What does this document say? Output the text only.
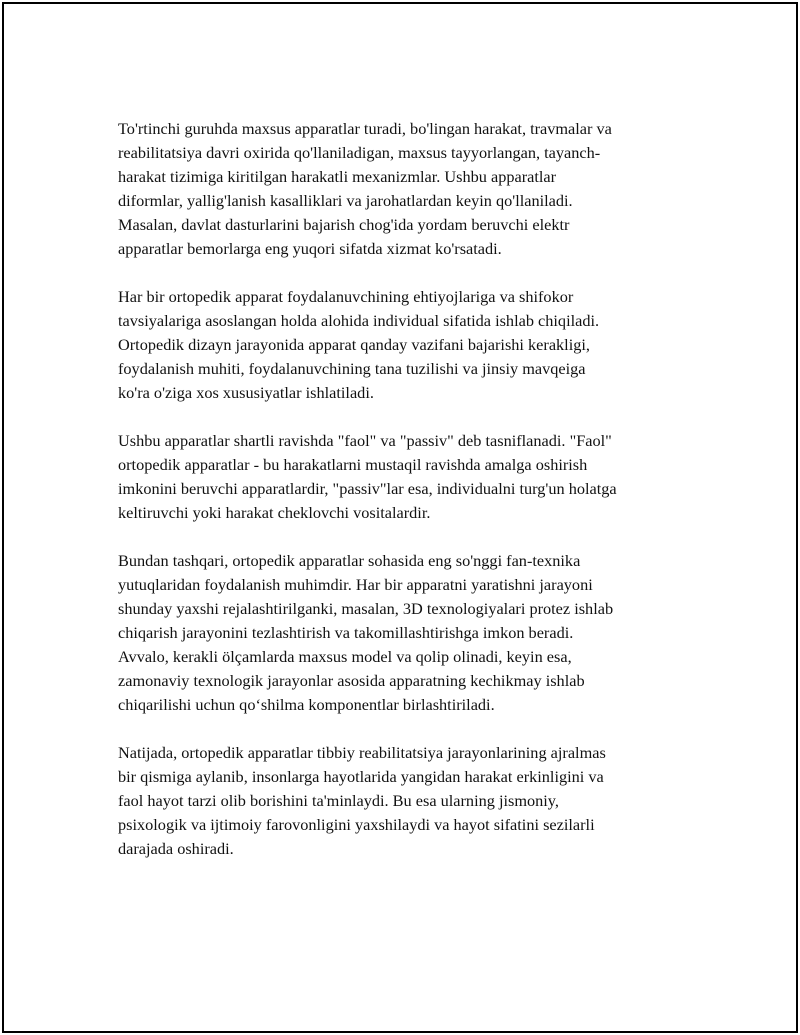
To'rtinchi guruhda maxsus apparatlar turadi, bo'lingan harakat, travmalar va
reabilitatsiya davri oxirida qo'llaniladigan, maxsus tayyorlangan, tayanch-
harakat tizimiga kiritilgan harakatli mexanizmlar. Ushbu apparatlar
diformlar, yallig'lanish kasalliklari va jarohatlardan keyin qo'llaniladi.
Masalan, davlat dasturlarini bajarish chog'ida yordam beruvchi elektr
apparatlar bemorlarga eng yuqori sifatda xizmat ko'rsatadi.

Har bir ortopedik apparat foydalanuvchining ehtiyojlariga va shifokor
tavsiyalariga asoslangan holda alohida individual sifatida ishlab chiqiladi.
Ortopedik dizayn jarayonida apparat qanday vazifani bajarishi kerakligi,
foydalanish muhiti, foydalanuvchining tana tuzilishi va jinsiy mavqeiga
ko'ra o'ziga xos xususiyatlar ishlatiladi.

Ushbu apparatlar shartli ravishda "faol" va "passiv" deb tasniflanadi. "Faol"
ortopedik apparatlar - bu harakatlarni mustaqil ravishda amalga oshirish
imkonini beruvchi apparatlardir, "passiv"lar esa, individualni turg'un holatga
keltiruvchi yoki harakat cheklovchi vositalardir.

Bundan tashqari, ortopedik apparatlar sohasida eng so'nggi fan-texnika
yutuqlaridan foydalanish muhimdir. Har bir apparatni yaratishni jarayoni
shunday yaxshi rejalashtirilganki, masalan, 3D texnologiyalari protez ishlab
chiqarish jarayonini tezlashtirish va takomillashtirishga imkon beradi.
Avvalo, kerakli ölçamlarda maxsus model va qolip olinadi, keyin esa,
zamonaviy texnologik jarayonlar asosida apparatning kechikmay ishlab
chiqarilishi uchun qo‘shilma komponentlar birlashtiriladi.

Natijada, ortopedik apparatlar tibbiy reabilitatsiya jarayonlarining ajralmas
bir qismiga aylanib, insonlarga hayotlarida yangidan harakat erkinligini va
faol hayot tarzi olib borishini ta'minlaydi. Bu esa ularning jismoniy,
psixologik va ijtimoiy farovonligini yaxshilaydi va hayot sifatini sezilarli
darajada oshiradi.
